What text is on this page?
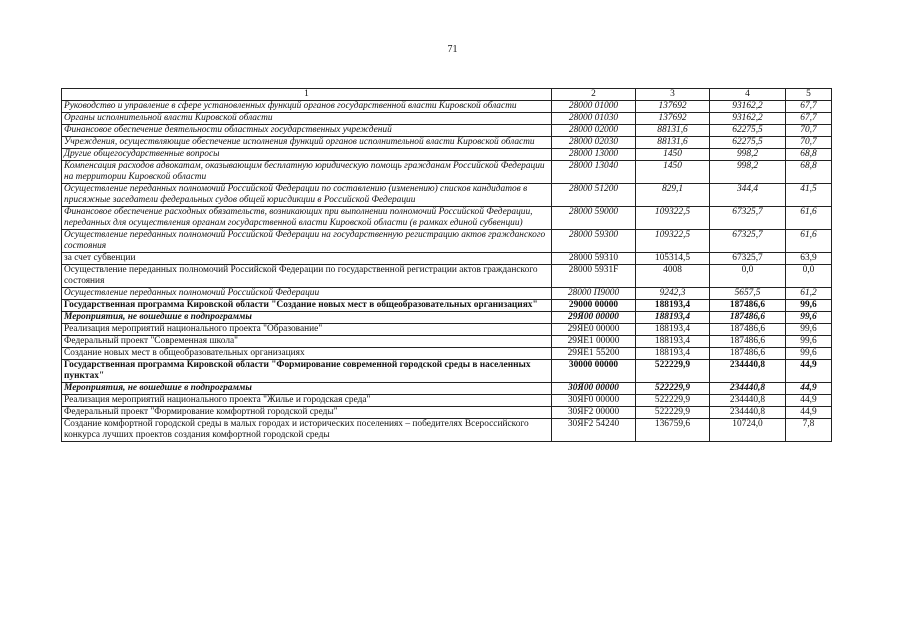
71
1	2	3	4	5
Руководство и управление в сфере установленных функций органов государственной власти Кировской области	28000 01000	137692	93162,2	67,7
Органы исполнительной власти Кировской области	28000 01030	137692	93162,2	67,7
Финансовое обеспечение деятельности областных государственных учреждений	28000 02000	88131,6	62275,5	70,7
Учреждения, осуществляющие обеспечение исполнения функций органов исполнительной власти Кировской области	28000 02030	88131,6	62275,5	70,7
Другие общегосударственные вопросы	28000 13000	1450	998,2	68,8
Компенсация расходов адвокатам, оказывающим бесплатную юридическую помощь гражданам Российской Федерации на территории Кировской области	28000 13040	1450	998,2	68,8
Осуществление переданных полномочий Российской Федерации по составлению (изменению) списков кандидатов в присяжные заседатели федеральных судов общей юрисдикции в Российской Федерации	28000 51200	829,1	344,4	41,5
Финансовое обеспечение расходных обязательств, возникающих при выполнении полномочий Российской Федерации, переданных для осуществления органам государственной власти Кировской области (в рамках единой субвенции)	28000 59000	109322,5	67325,7	61,6
Осуществление переданных полномочий Российской Федерации на государственную регистрацию актов гражданского состояния	28000 59300	109322,5	67325,7	61,6
за счет субвенции	28000 59310	105314,5	67325,7	63,9
Осуществление переданных полномочий Российской Федерации по государственной регистрации актов гражданского состояния	28000 5931F	4008	0,0	0,0
Осуществление переданных полномочий Российской Федерации	28000 П9000	9242,3	5657,5	61,2
Государственная программа Кировской области "Создание новых мест в общеобразовательных организациях"	29000 00000	188193,4	187486,6	99,6
Мероприятия, не вошедшие в подпрограммы	29Я00 00000	188193,4	187486,6	99,6
Реализация мероприятий национального проекта "Образование"	29ЯЕ0 00000	188193,4	187486,6	99,6
Федеральный проект "Современная школа"	29ЯЕ1 00000	188193,4	187486,6	99,6
Создание новых мест в общеобразовательных организациях	29ЯЕ1 55200	188193,4	187486,6	99,6
Государственная программа Кировской области "Формирование современной городской среды в населенных пунктах"	30000 00000	522229,9	234440,8	44,9
Мероприятия, не вошедшие в подпрограммы	30Я00 00000	522229,9	234440,8	44,9
Реализация мероприятий национального проекта "Жилье и городская среда"	30ЯF0 00000	522229,9	234440,8	44,9
Федеральный проект "Формирование комфортной городской среды"	30ЯF2 00000	522229,9	234440,8	44,9
Создание комфортной городской среды в малых городах и исторических поселениях – победителях Всероссийского конкурса лучших проектов создания комфортной городской среды	30ЯF2 54240	136759,6	10724,0	7,8
